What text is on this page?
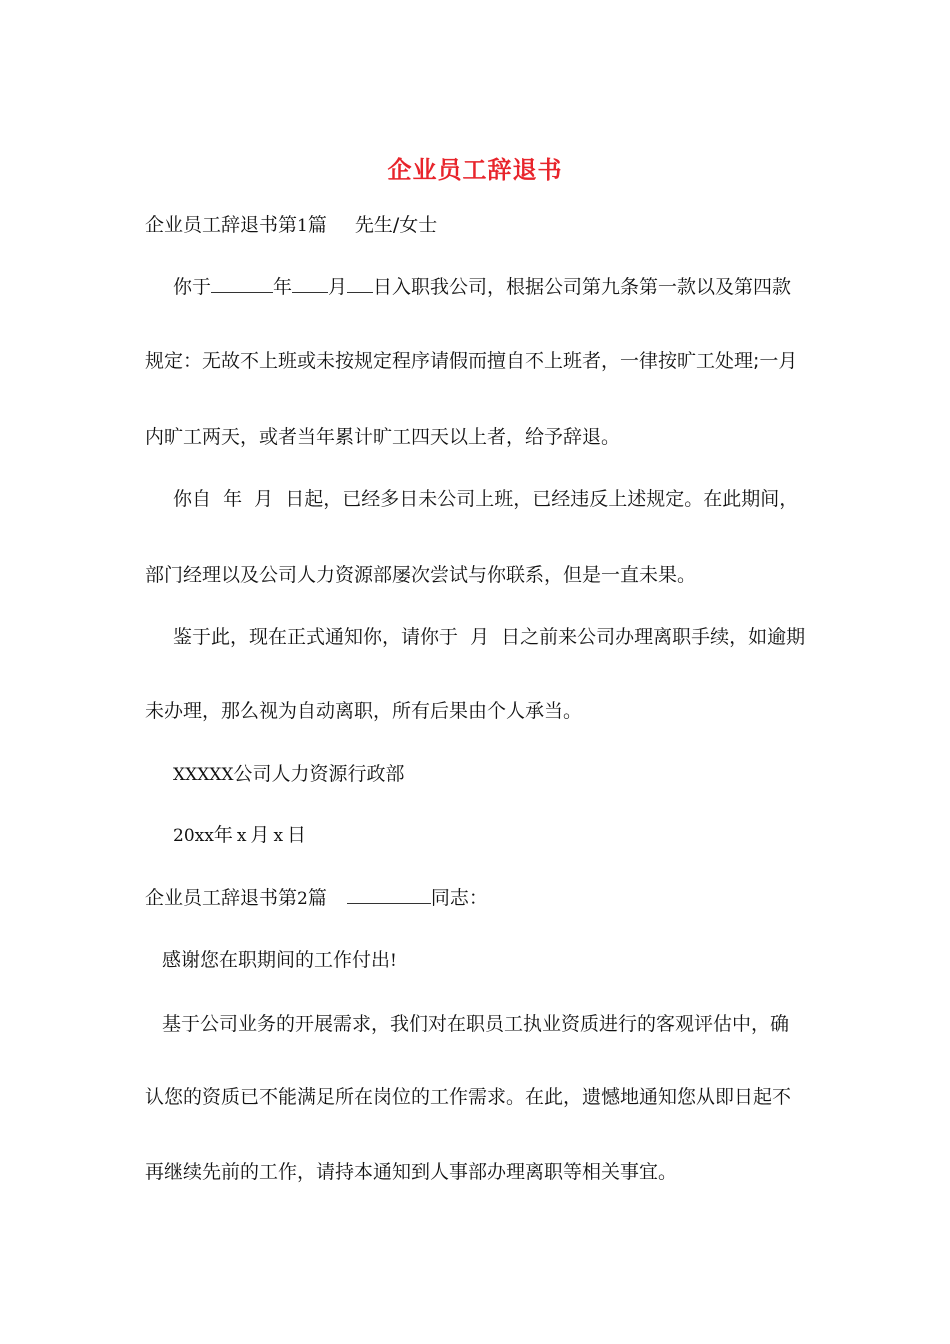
企业员工辞退书
企业员工辞退书第1篇 先生/女士
你于	年 月 日入职我公司，根据公司第九条第一款以及第四款
规定：无故不上班或未按规定程序请假而擅自不上班者，一律按旷工处理;一月
内旷工两天，或者当年累计旷工四天以上者，给予辞退。
你自  年  月  日起，已经多日未公司上班，已经违反上述规定。在此期间，
部门经理以及公司人力资源部屡次尝试与你联系，但是一直未果。
鉴于此，现在正式通知你，请你于  月  日之前来公司办理离职手续，如逾期
未办理，那么视为自动离职，所有后果由个人承当。
XXXXX公司人力资源行政部
20xx年 x 月 x 日
企业员工辞退书第2篇	同志：
感谢您在职期间的工作付出!
基于公司业务的开展需求，我们对在职员工执业资质进行的客观评估中，确
认您的资质已不能满足所在岗位的工作需求。在此，遗憾地通知您从即日起不
再继续先前的工作，请持本通知到人事部办理离职等相关事宜。
